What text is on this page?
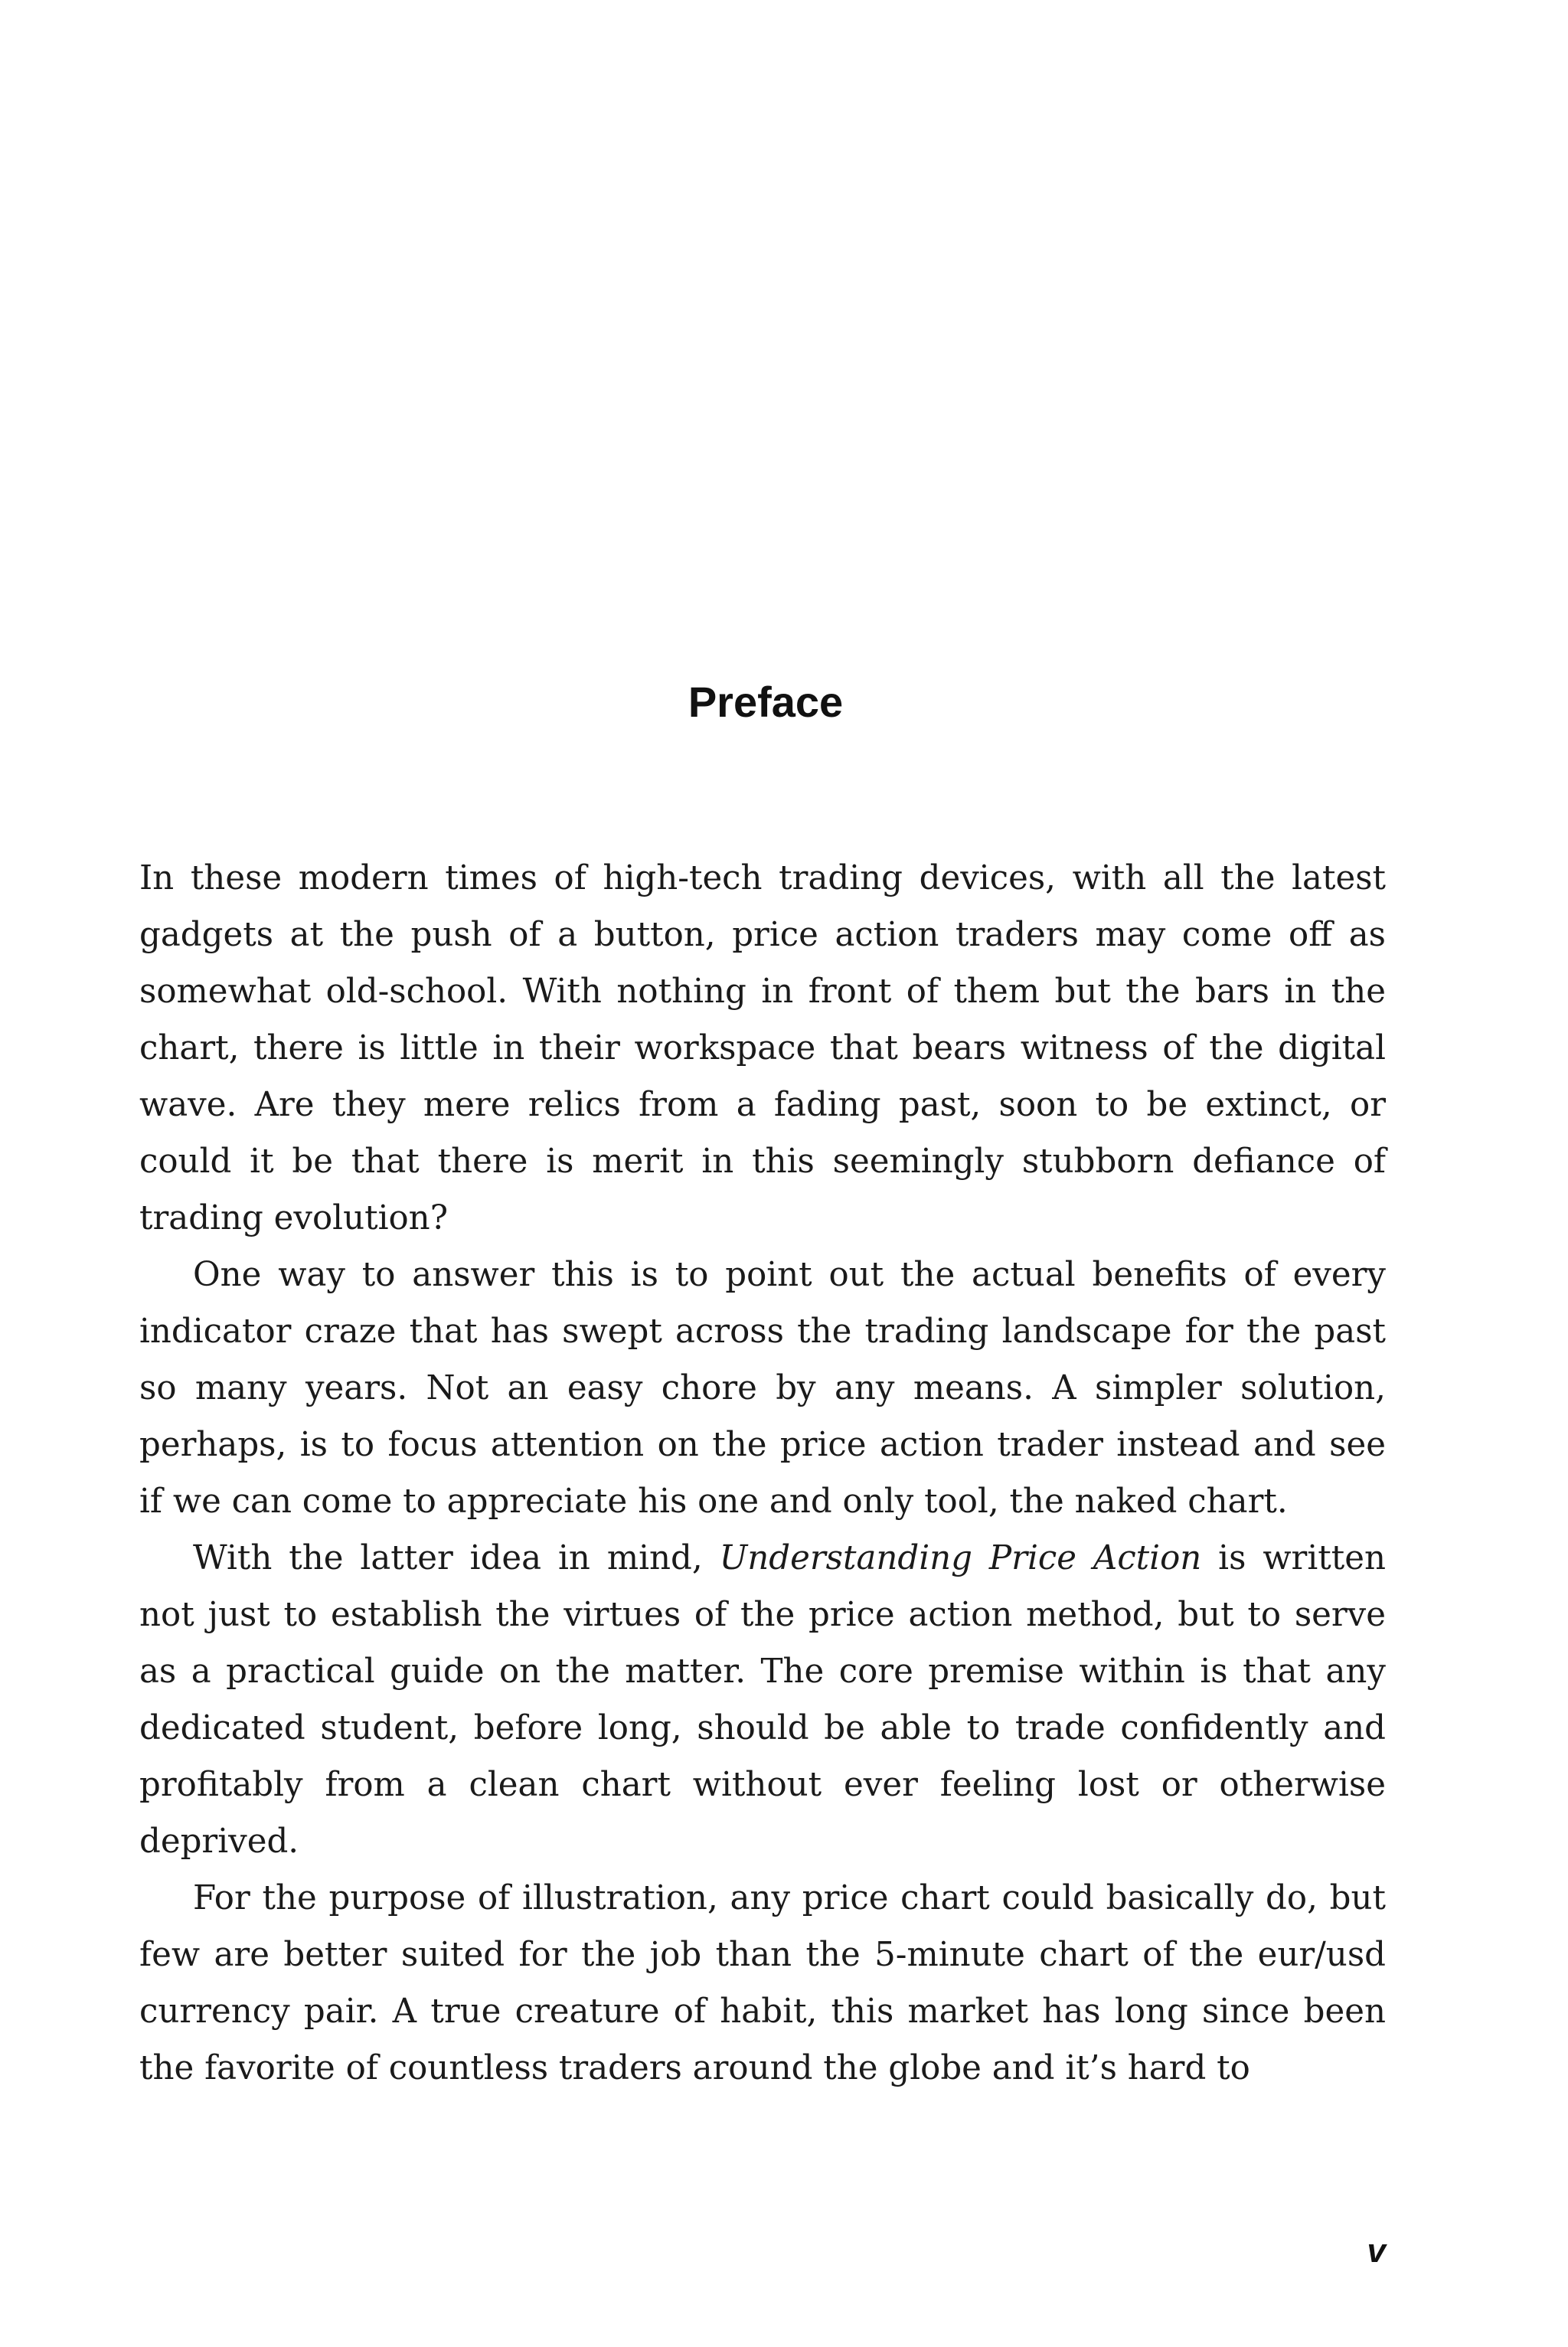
Preface

In these modern times of high-tech trading devices, with all the latest gadgets at the push of a button, price action traders may come off as somewhat old-school. With nothing in front of them but the bars in the chart, there is little in their workspace that bears witness of the digital wave. Are they mere relics from a fading past, soon to be extinct, or could it be that there is merit in this seemingly stubborn defiance of trading evolution?

One way to answer this is to point out the actual benefits of every indicator craze that has swept across the trading landscape for the past so many years. Not an easy chore by any means. A simpler solution, perhaps, is to focus attention on the price action trader instead and see if we can come to appreciate his one and only tool, the naked chart.

With the latter idea in mind, Understanding Price Action is written not just to establish the virtues of the price action method, but to serve as a practical guide on the matter. The core premise within is that any dedicated student, before long, should be able to trade confidently and profitably from a clean chart without ever feeling lost or otherwise deprived.

For the purpose of illustration, any price chart could basically do, but few are better suited for the job than the 5-minute chart of the eur/usd currency pair. A true creature of habit, this market has long since been the favorite of countless traders around the globe and it’s hard to

v
